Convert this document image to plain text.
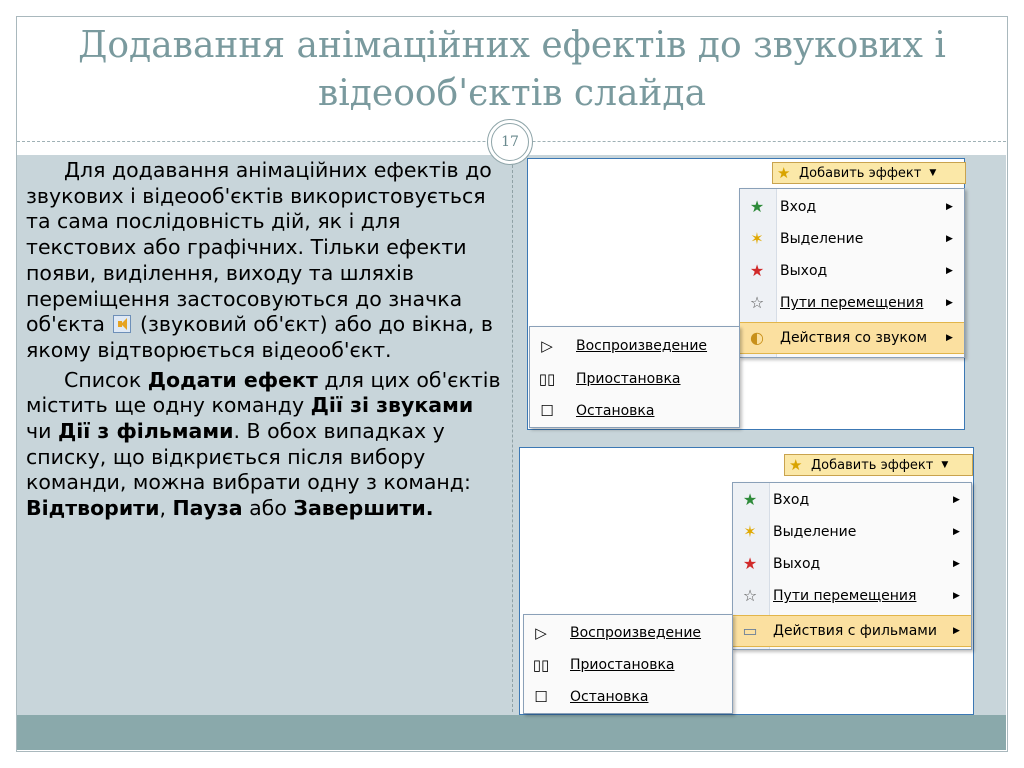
Додавання анімаційних ефектів до звукових і
відеооб'єктів слайда
17

Для додавання анімаційних ефектів до звукових і відеооб'єктів використовується та сама послідовність дій, як і для текстових або графічних. Тільки ефекти появи, виділення, виходу та шляхів переміщення застосовуються до значка об'єкта  (звуковий об'єкт) або до вікна, в якому відтворюється відеооб'єкт.

Список Додати ефект для цих об'єктів містить ще одну команду Дії зі звуками чи Дії з фільмами. В обох випадках у списку, що відкриється після вибору команди, можна вибрати одну з команд: Відтворити, Пауза або Завершити.

★ Добавить эффект ▼
★ Вход	▶
✶	Выделение	▶
★ Выход	▶
☆ Пути перемещения	▶
◐ Действия со звуком	▶
▷ Воспроизведение
▯▯ Приостановка
☐ Остановка
★ Добавить эффект ▼
★ Вход	▶
✶	Выделение	▶
★ Выход	▶
☆ Пути перемещения	▶
▭ Действия с фильмами	▶
▷ Воспроизведение
▯▯ Приостановка
☐ Остановка
